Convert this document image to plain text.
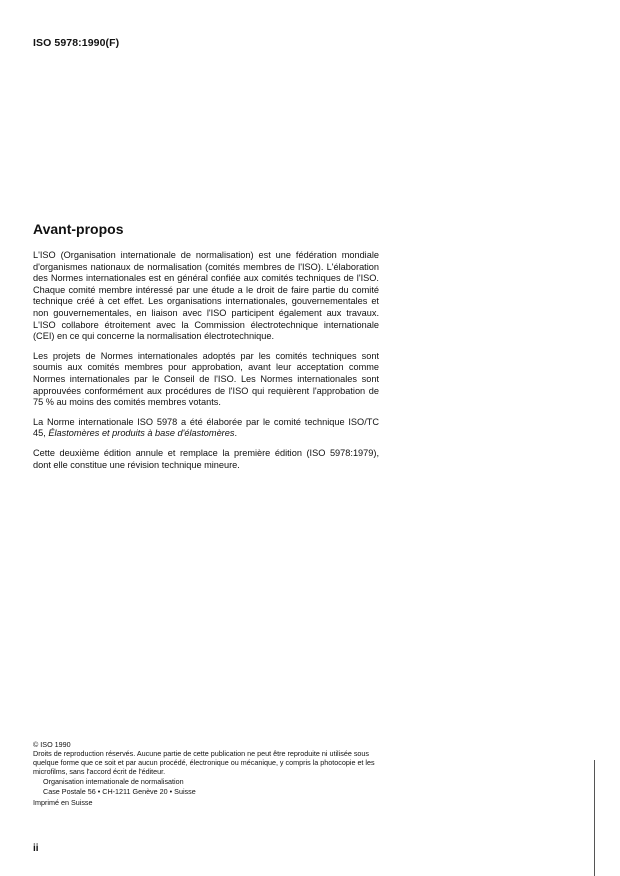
ISO 5978:1990(F)
Avant-propos

L'ISO (Organisation internationale de normalisation) est une fédération mondiale d'organismes nationaux de normalisation (comités membres de l'ISO). L'élaboration des Normes internationales est en général confiée aux comités techniques de l'ISO. Chaque comité membre intéressé par une étude a le droit de faire partie du comité technique créé à cet effet. Les organisations internationales, gouvernementales et non gouvernementales, en liaison avec l'ISO participent également aux travaux. L'ISO collabore étroitement avec la Commission électrotechnique internationale (CEI) en ce qui concerne la normalisation électrotechnique.

Les projets de Normes internationales adoptés par les comités techniques sont soumis aux comités membres pour approbation, avant leur acceptation comme Normes internationales par le Conseil de l'ISO. Les Normes internationales sont approuvées conformément aux procédures de l'ISO qui requièrent l'approbation de 75 % au moins des comités membres votants.

La Norme internationale ISO 5978 a été élaborée par le comité technique ISO/TC 45, Élastomères et produits à base d'élastomères.

Cette deuxième édition annule et remplace la première édition (ISO 5978:1979), dont elle constitue une révision technique mineure.

© ISO 1990

Droits de reproduction réservés. Aucune partie de cette publication ne peut être reproduite ni utilisée sous quelque forme que ce soit et par aucun procédé, électronique ou mécanique, y compris la photocopie et les microfilms, sans l'accord écrit de l'éditeur.

Organisation internationale de normalisation

Case Postale 56 • CH-1211 Genève 20 • Suisse

Imprimé en Suisse

ii
